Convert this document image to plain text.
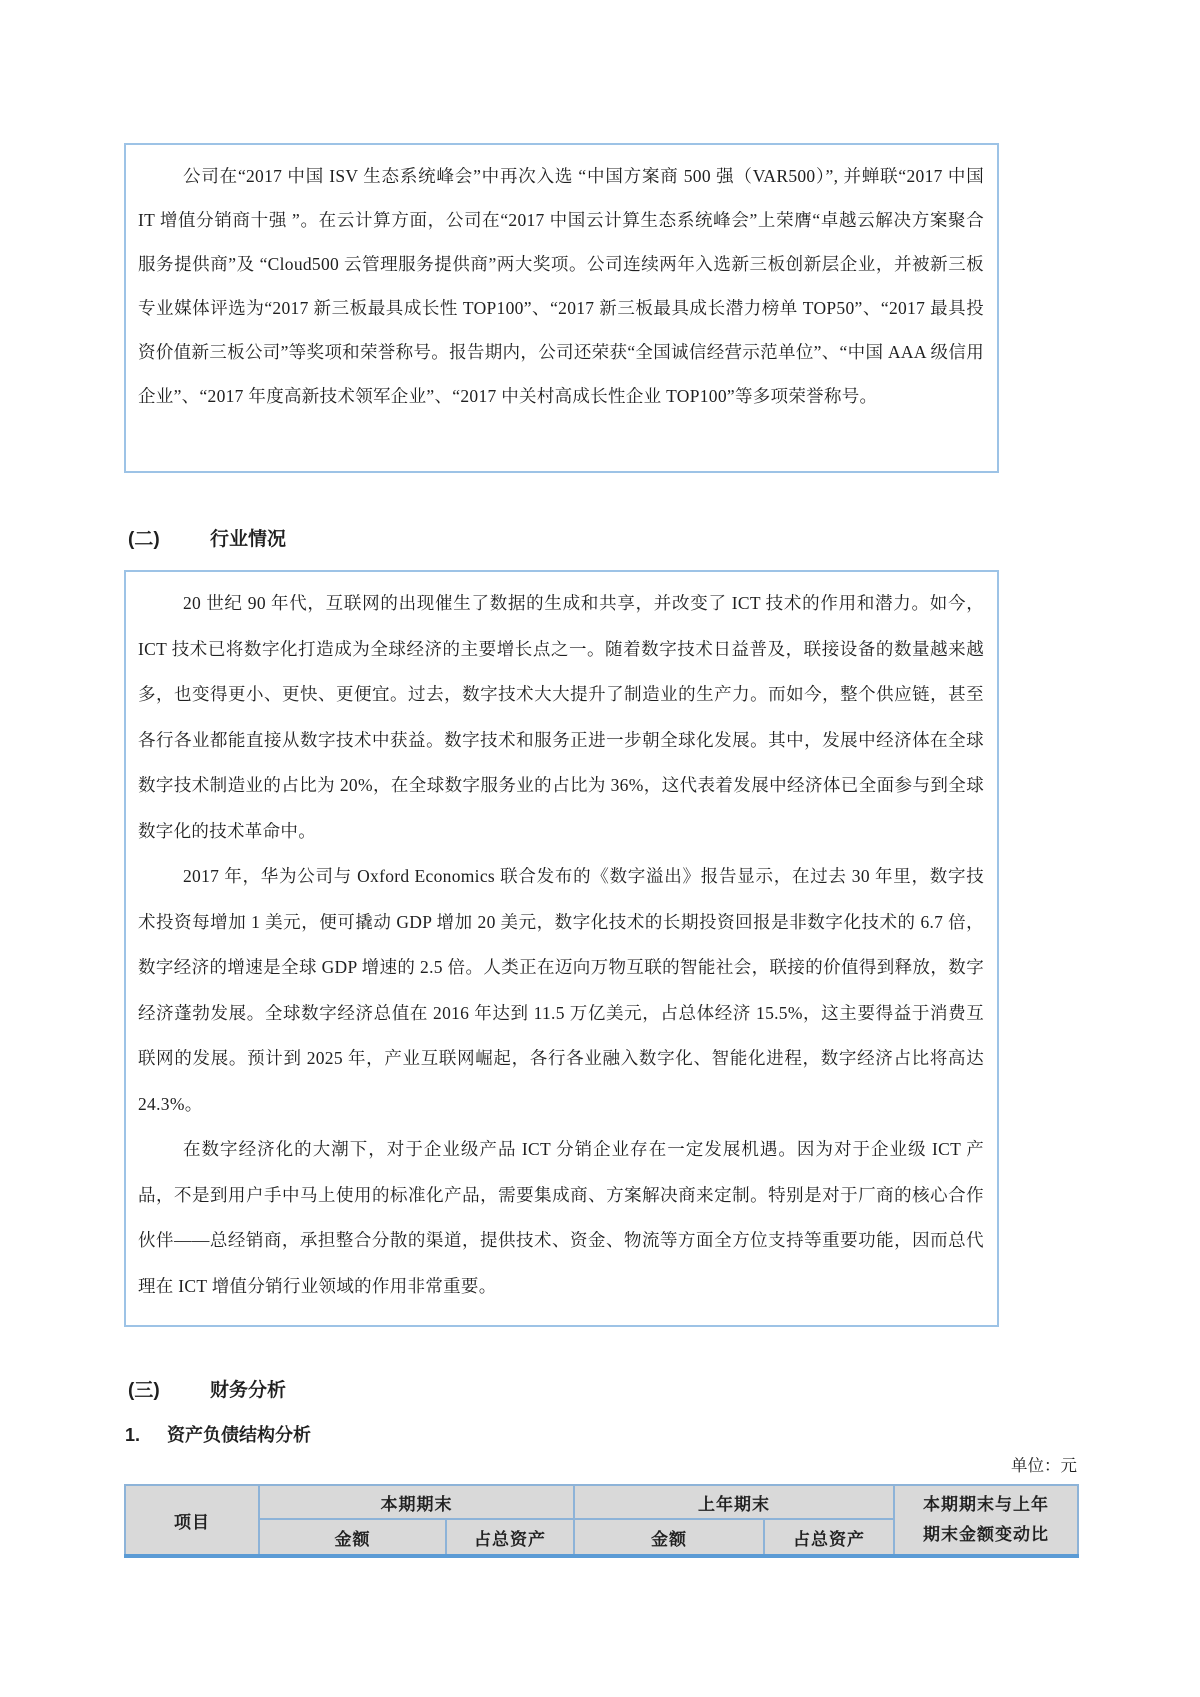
公司在“2017 中国 ISV 生态系统峰会”中再次入选 “中国方案商 500 强（VAR500）”, 并蝉联“2017 中国 IT 增值分销商十强 ”。在云计算方面，公司在“2017 中国云计算生态系统峰会”上荣膺“卓越云解决方案聚合服务提供商”及 “Cloud500 云管理服务提供商”两大奖项。公司连续两年入选新三板创新层企业，并被新三板专业媒体评选为“2017 新三板最具成长性 TOP100”、“2017 新三板最具成长潜力榜单 TOP50”、“2017 最具投资价值新三板公司”等奖项和荣誉称号。报告期内，公司还荣获“全国诚信经营示范单位”、“中国 AAA 级信用企业”、“2017 年度高新技术领军企业”、“2017 中关村高成长性企业 TOP100”等多项荣誉称号。

(二)	行业情况

20 世纪 90 年代，互联网的出现催生了数据的生成和共享，并改变了 ICT 技术的作用和潜力。如今，ICT 技术已将数字化打造成为全球经济的主要增长点之一。随着数字技术日益普及，联接设备的数量越来越多，也变得更小、更快、更便宜。过去，数字技术大大提升了制造业的生产力。而如今，整个供应链，甚至各行各业都能直接从数字技术中获益。数字技术和服务正进一步朝全球化发展。其中，发展中经济体在全球数字技术制造业的占比为 20%，在全球数字服务业的占比为 36%，这代表着发展中经济体已全面参与到全球数字化的技术革命中。

2017 年，华为公司与 Oxford Economics 联合发布的《数字溢出》报告显示，在过去 30 年里，数字技术投资每增加 1 美元，便可撬动 GDP 增加 20 美元，数字化技术的长期投资回报是非数字化技术的 6.7 倍，数字经济的增速是全球 GDP 增速的 2.5 倍。人类正在迈向万物互联的智能社会，联接的价值得到释放，数字经济蓬勃发展。全球数字经济总值在 2016 年达到 11.5 万亿美元，占总体经济 15.5%，这主要得益于消费互联网的发展。预计到 2025 年，产业互联网崛起，各行各业融入数字化、智能化进程，数字经济占比将高达 24.3%。

在数字经济化的大潮下，对于企业级产品 ICT 分销企业存在一定发展机遇。因为对于企业级 ICT 产品，不是到用户手中马上使用的标准化产品，需要集成商、方案解决商来定制。特别是对于厂商的核心合作伙伴——总经销商，承担整合分散的渠道，提供技术、资金、物流等方面全方位支持等重要功能，因而总代理在 ICT 增值分销行业领域的作用非常重要。

(三)	财务分析
1.	资产负债结构分析
单位：元
项目	本期期末		上年期末		本期期末与上年
期末金额变动比

	金额	占总资产	金额	占总资产	
